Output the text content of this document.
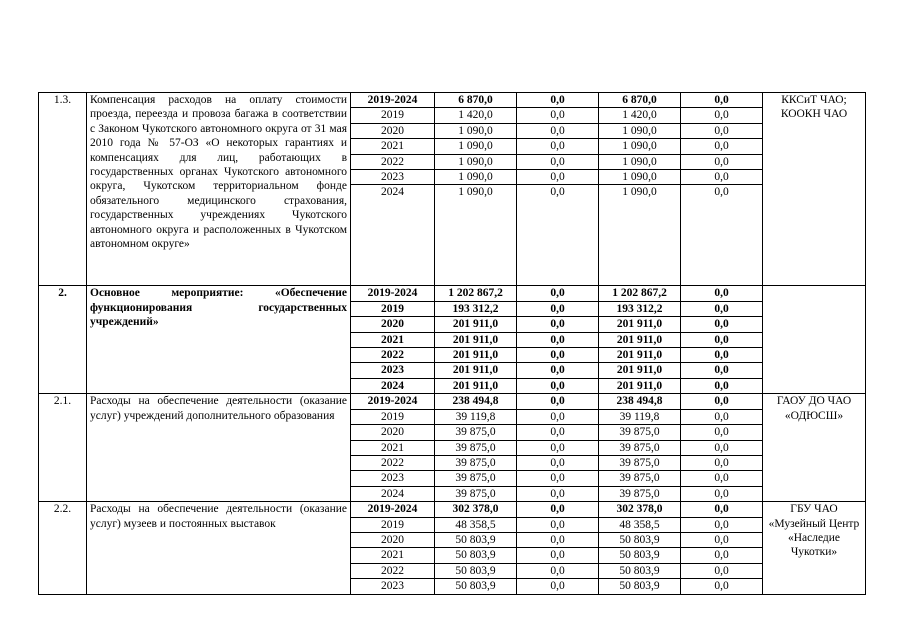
1.3.	Компенсация расходов на оплату стоимости проезда, переезда и провоза багажа в соответствии с Законом Чукотского автономного округа от 31 мая 2010 года № 57-ОЗ «О некоторых гарантиях и компенсациях для лиц, работающих в государственных органах Чукотского автономного округа, Чукотском территориальном фонде обязательного медицинского страхования, государственных учреждениях Чукотского автономного округа и расположенных в Чукотском автономном округе»	2019-2024	6 870,0	0,0	6 870,0	0,0	ККСиТ ЧАО; КООКН ЧАО
		2019	1 420,0	0,0	1 420,0	0,0	
		2020	1 090,0	0,0	1 090,0	0,0	
		2021	1 090,0	0,0	1 090,0	0,0	
		2022	1 090,0	0,0	1 090,0	0,0	
		2023	1 090,0	0,0	1 090,0	0,0	
		2024	1 090,0	0,0	1 090,0	0,0	
2.	Основное мероприятие: «Обеспечение функционирования государственных учреждений»	2019-2024	1 202 867,2	0,0	1 202 867,2	0,0	
		2019	193 312,2	0,0	193 312,2	0,0	
		2020	201 911,0	0,0	201 911,0	0,0	
		2021	201 911,0	0,0	201 911,0	0,0	
		2022	201 911,0	0,0	201 911,0	0,0	
		2023	201 911,0	0,0	201 911,0	0,0	
		2024	201 911,0	0,0	201 911,0	0,0	
2.1.	Расходы на обеспечение деятельности (оказание услуг) учреждений дополнительного образования	2019-2024	238 494,8	0,0	238 494,8	0,0	ГАОУ ДО ЧАО «ОДЮСШ»
		2019	39 119,8	0,0	39 119,8	0,0	
		2020	39 875,0	0,0	39 875,0	0,0	
		2021	39 875,0	0,0	39 875,0	0,0	
		2022	39 875,0	0,0	39 875,0	0,0	
		2023	39 875,0	0,0	39 875,0	0,0	
		2024	39 875,0	0,0	39 875,0	0,0	
2.2.	Расходы на обеспечение деятельности (оказание услуг) музеев и постоянных выставок	2019-2024	302 378,0	0,0	302 378,0	0,0	ГБУ ЧАО «Музейный Центр «Наследие Чукотки»
		2019	48 358,5	0,0	48 358,5	0,0	
		2020	50 803,9	0,0	50 803,9	0,0	
		2021	50 803,9	0,0	50 803,9	0,0	
		2022	50 803,9	0,0	50 803,9	0,0	
		2023	50 803,9	0,0	50 803,9	0,0	
